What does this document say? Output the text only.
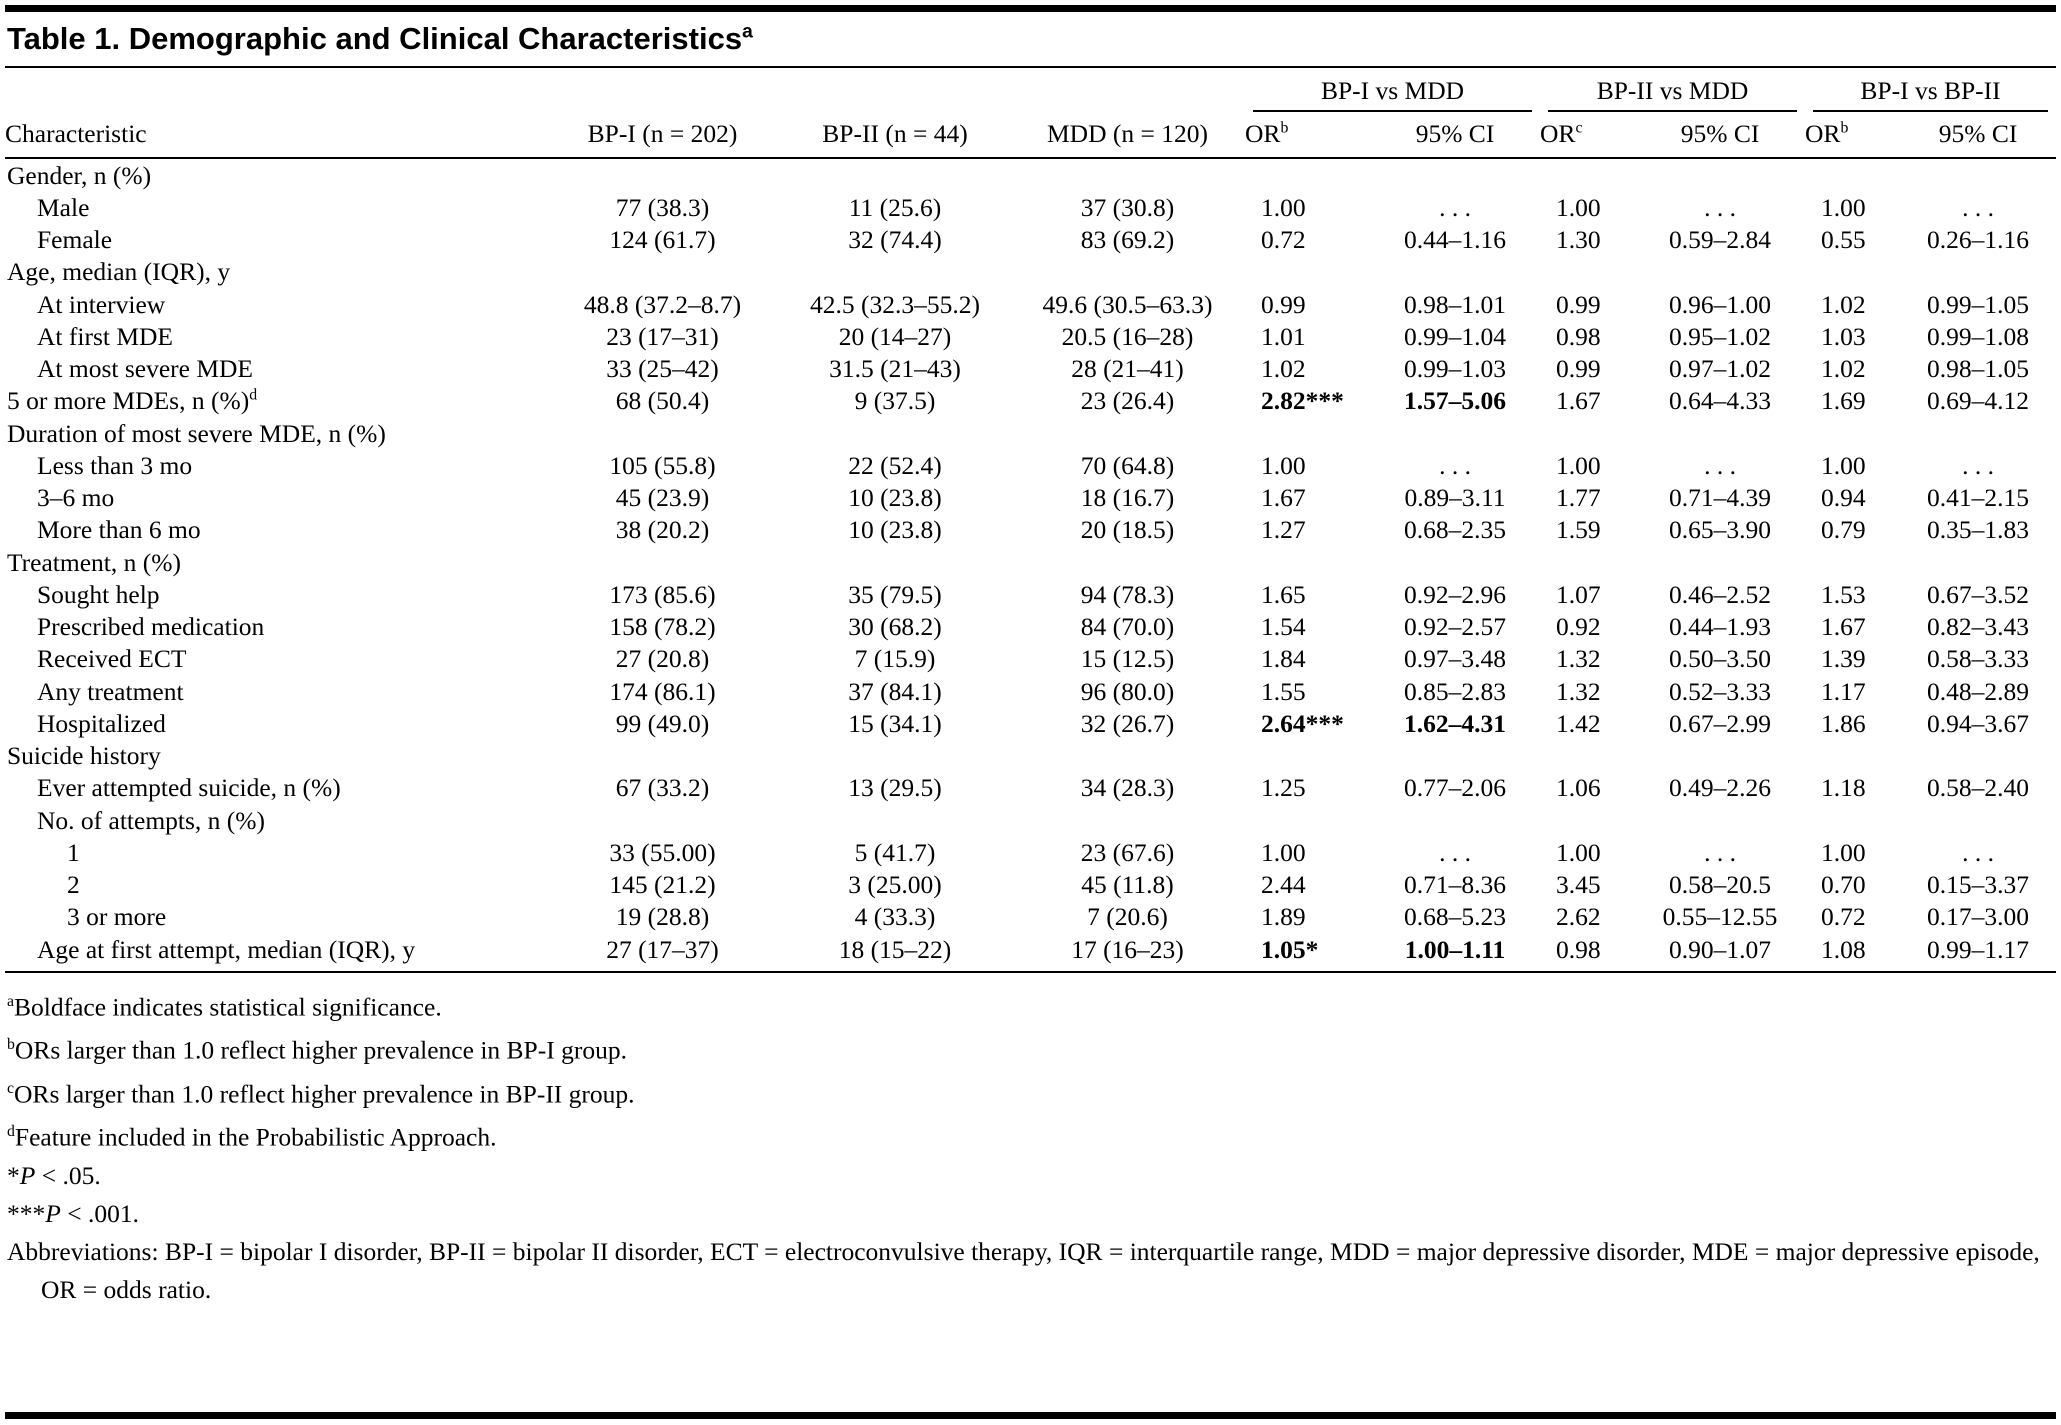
Table 1. Demographic and Clinical Characteristics$^a$

				BP-I vs MDD		BP-II vs MDD		BP-I vs BP-II	

Characteristic	BP-I (n = 202)	BP-II (n = 44)	MDD (n = 120)	$OR^b$	95% CI	$OR^c$	95% CI	$OR^b$	95% CI
Gender, n (%)									
Male	77 (38.3)	11 (25.6)	37 (30.8)	1.00	. . .	1.00	. . .	1.00	. . .
Female	124 (61.7)	32 (74.4)	83 (69.2)	0.72	0.44–1.16	1.30	0.59–2.84	0.55	0.26–1.16
Age, median (IQR), y									
At interview	48.8 (37.2–8.7)	42.5 (32.3–55.2)	49.6 (30.5–63.3)	0.99	0.98–1.01	0.99	0.96–1.00	1.02	0.99–1.05
At first MDE	23 (17–31)	20 (14–27)	20.5 (16–28)	1.01	0.99–1.04	0.98	0.95–1.02	1.03	0.99–1.08
At most severe MDE	33 (25–42)	31.5 (21–43)	28 (21–41)	1.02	0.99–1.03	0.99	0.97–1.02	1.02	0.98–1.05
5 or more MDEs, n (%)$^d$	68 (50.4)	9 (37.5)	23 (26.4)	2.82***	1.57–5.06	1.67	0.64–4.33	1.69	0.69–4.12
Duration of most severe MDE, n (%)									
Less than 3 mo	105 (55.8)	22 (52.4)	70 (64.8)	1.00	. . .	1.00	. . .	1.00	. . .
3–6 mo	45 (23.9)	10 (23.8)	18 (16.7)	1.67	0.89–3.11	1.77	0.71–4.39	0.94	0.41–2.15
More than 6 mo	38 (20.2)	10 (23.8)	20 (18.5)	1.27	0.68–2.35	1.59	0.65–3.90	0.79	0.35–1.83
Treatment, n (%)									
Sought help	173 (85.6)	35 (79.5)	94 (78.3)	1.65	0.92–2.96	1.07	0.46–2.52	1.53	0.67–3.52
Prescribed medication	158 (78.2)	30 (68.2)	84 (70.0)	1.54	0.92–2.57	0.92	0.44–1.93	1.67	0.82–3.43
Received ECT	27 (20.8)	7 (15.9)	15 (12.5)	1.84	0.97–3.48	1.32	0.50–3.50	1.39	0.58–3.33
Any treatment	174 (86.1)	37 (84.1)	96 (80.0)	1.55	0.85–2.83	1.32	0.52–3.33	1.17	0.48–2.89
Hospitalized	99 (49.0)	15 (34.1)	32 (26.7)	2.64***	1.62–4.31	1.42	0.67–2.99	1.86	0.94–3.67
Suicide history									
Ever attempted suicide, n (%)	67 (33.2)	13 (29.5)	34 (28.3)	1.25	0.77–2.06	1.06	0.49–2.26	1.18	0.58–2.40
No. of attempts, n (%)									
1	33 (55.00)	5 (41.7)	23 (67.6)	1.00	. . .	1.00	. . .	1.00	. . .
2	145 (21.2)	3 (25.00)	45 (11.8)	2.44	0.71–8.36	3.45	0.58–20.5	0.70	0.15–3.37
3 or more	19 (28.8)	4 (33.3)	7 (20.6)	1.89	0.68–5.23	2.62	0.55–12.55	0.72	0.17–3.00
Age at first attempt, median (IQR), y	27 (17–37)	18 (15–22)	17 (16–23)	1.05*	1.00–1.11	0.98	0.90–1.07	1.08	0.99–1.17
$^a$Boldface indicates statistical significance.
$^b$ORs larger than 1.0 reflect higher prevalence in BP-I group.
$^c$ORs larger than 1.0 reflect higher prevalence in BP-II group.
$^d$Feature included in the Probabilistic Approach.
*P < .05.
***P < .001.
Abbreviations: BP-I = bipolar I disorder, BP-II = bipolar II disorder, ECT = electroconvulsive therapy, IQR = interquartile range, MDD = major depressive disorder, MDE = major depressive episode, OR = odds ratio.
